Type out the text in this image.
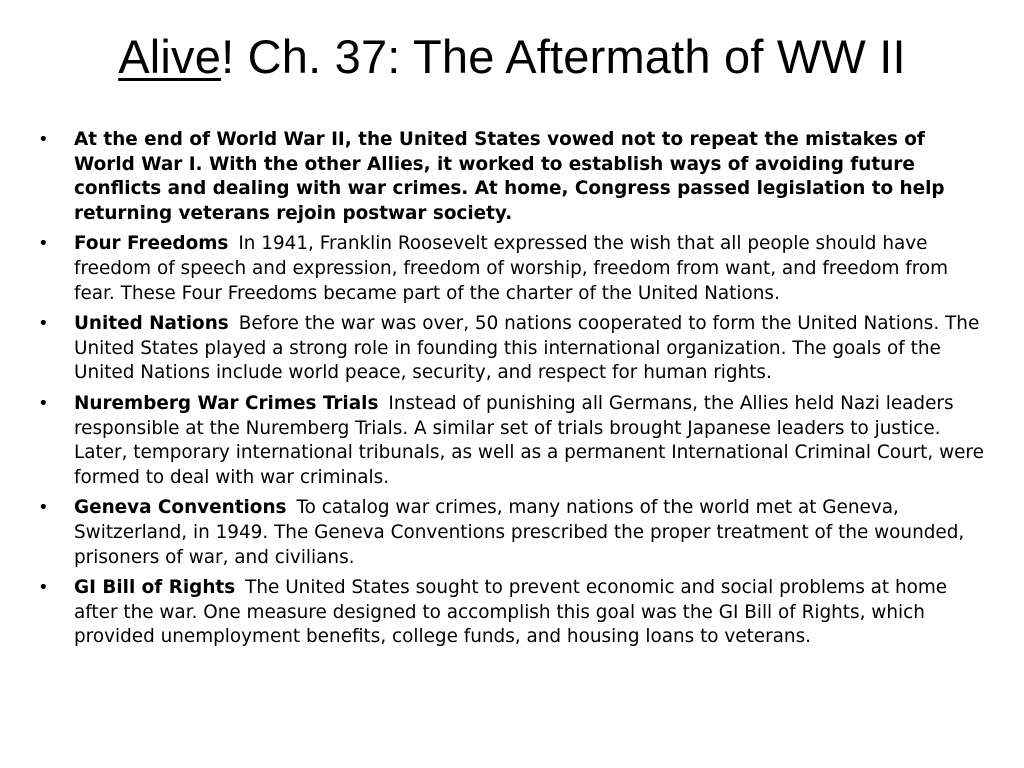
Alive! Ch. 37: The Aftermath of WW II
• At the end of World War II, the United States vowed not to repeat the mistakes of World War I. With the other Allies, it worked to establish ways of avoiding future conflicts and dealing with war crimes. At home, Congress passed legislation to help returning veterans rejoin postwar society.
• Four Freedoms In 1941, Franklin Roosevelt expressed the wish that all people should have freedom of speech and expression, freedom of worship, freedom from want, and freedom from fear. These Four Freedoms became part of the charter of the United Nations.
• United Nations Before the war was over, 50 nations cooperated to form the United Nations. The United States played a strong role in founding this international organization. The goals of the United Nations include world peace, security, and respect for human rights.
• Nuremberg War Crimes Trials Instead of punishing all Germans, the Allies held Nazi leaders responsible at the Nuremberg Trials. A similar set of trials brought Japanese leaders to justice. Later, temporary international tribunals, as well as a permanent International Criminal Court, were formed to deal with war criminals.
• Geneva Conventions To catalog war crimes, many nations of the world met at Geneva, Switzerland, in 1949. The Geneva Conventions prescribed the proper treatment of the wounded, prisoners of war, and civilians.
• GI Bill of Rights The United States sought to prevent economic and social problems at home after the war. One measure designed to accomplish this goal was the GI Bill of Rights, which provided unemployment benefits, college funds, and housing loans to veterans.
